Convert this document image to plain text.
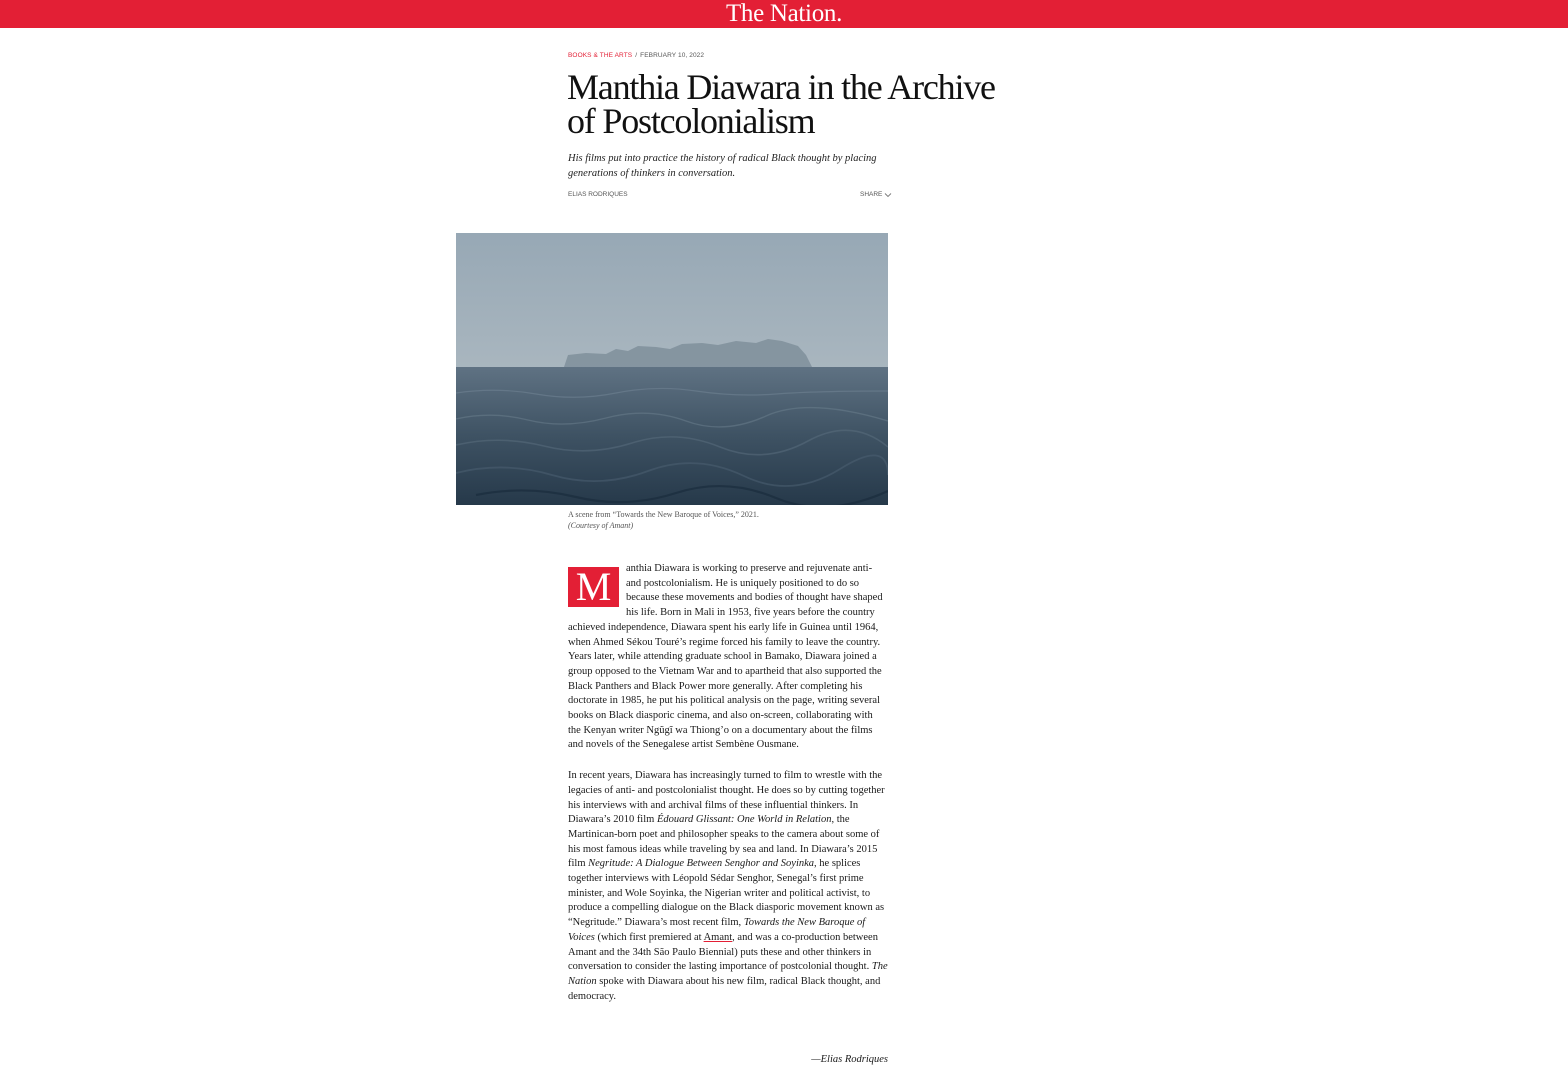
The Nation.
BOOKS & THE ARTS / FEBRUARY 10, 2022
Manthia Diawara in the Archive of Postcolonialism
His films put into practice the history of radical Black thought by placing generations of thinkers in conversation.
ELIAS RODRIQUES	SHARE
A scene from “Towards the New Baroque of Voices,” 2021.
(Courtesy of Amant)

M	anthia Diawara is working to preserve and rejuvenate anti- and postcolonialism. He is uniquely positioned to do so because these movements and bodies of thought have shaped his life. Born in Mali in 1953, five years before the country achieved independence, Diawara spent his early life in Guinea until 1964, when Ahmed Sékou Touré’s regime forced his family to leave the country. Years later, while attending graduate school in Bamako, Diawara joined a group opposed to the Vietnam War and to apartheid that also supported the Black Panthers and Black Power more generally. After completing his doctorate in 1985, he put his political analysis on the page, writing several books on Black diasporic cinema, and also on-screen, collaborating with the Kenyan writer Ngũgĩ wa Thiong’o on a documentary about the films and novels of the Senegalese artist Sembène Ousmane.

In recent years, Diawara has increasingly turned to film to wrestle with the legacies of anti- and postcolonialist thought. He does so by cutting together his interviews with and archival films of these influential thinkers. In Diawara’s 2010 film Édouard Glissant: One World in Relation, the Martinican-born poet and philosopher speaks to the camera about some of his most famous ideas while traveling by sea and land. In Diawara’s 2015 film Negritude: A Dialogue Between Senghor and Soyinka, he splices together interviews with Léopold Sédar Senghor, Senegal’s first prime minister, and Wole Soyinka, the Nigerian writer and political activist, to produce a compelling dialogue on the Black diasporic movement known as “Negritude.” Diawara’s most recent film, Towards the New Baroque of Voices (which first premiered at Amant, and was a co-production between Amant and the 34th São Paulo Biennial) puts these and other thinkers in conversation to consider the lasting importance of postcolonial thought. The Nation spoke with Diawara about his new film, radical Black thought, and democracy.

—Elias Rodriques
